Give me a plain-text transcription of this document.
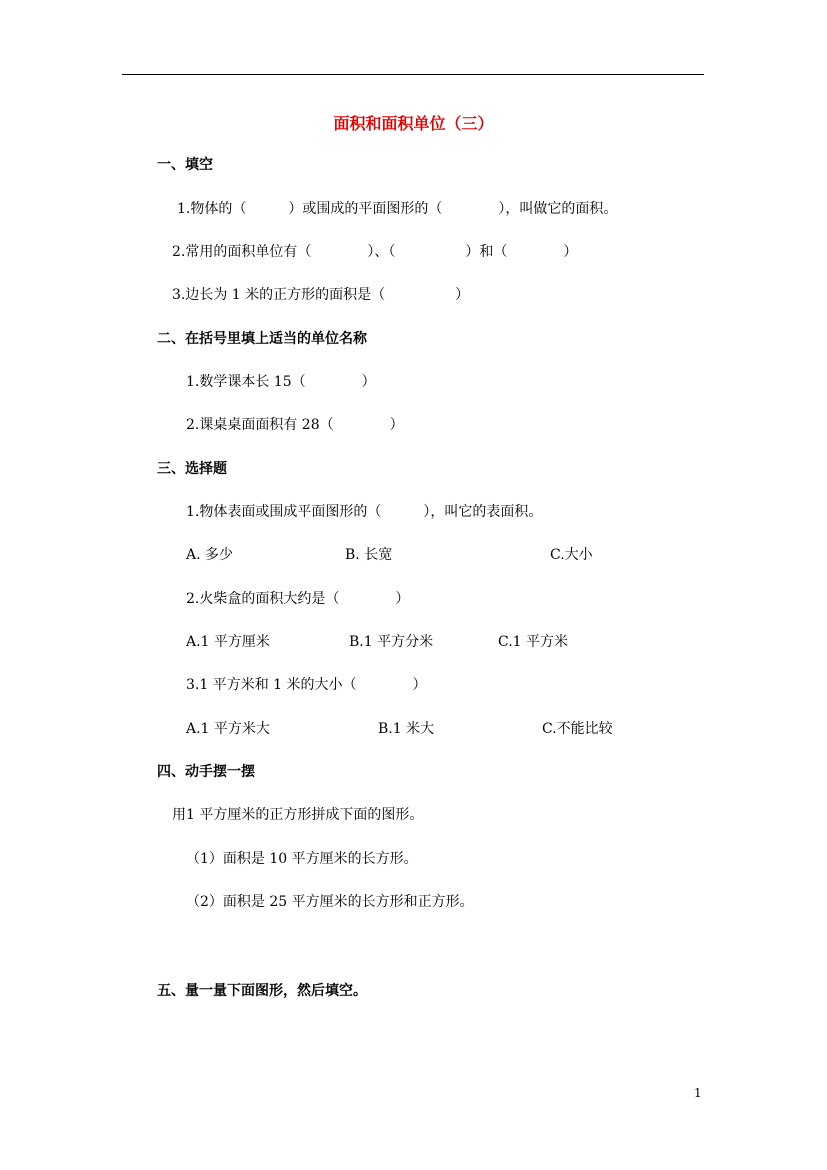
面积和面积单位（三）
一、填空
1.物体的（　　　）或围成的平面图形的（　　　　），叫做它的面积。
2.常用的面积单位有（　　　　）、（　　　　　）和（　　　　）
3.边长为 1 米的正方形的面积是（　　　　　）
二、在括号里填上适当的单位名称
1.数学课本长 15（　　　　）
2.课桌桌面面积有 28（　　　　）
三、选择题
1.物体表面或围成平面图形的（　　　），叫它的表面积。
A. 多少	B. 长宽	C.大小
2.火柴盒的面积大约是（　　　　）
A.1 平方厘米	B.1 平方分米	C.1 平方米
3.1 平方米和 1 米的大小（　　　　）
A.1 平方米大	B.1 米大	C.不能比较
四、动手摆一摆
用1 平方厘米的正方形拼成下面的图形。
（1）面积是 10 平方厘米的长方形。
（2）面积是 25 平方厘米的长方形和正方形。
五、量一量下面图形，然后填空。
1
